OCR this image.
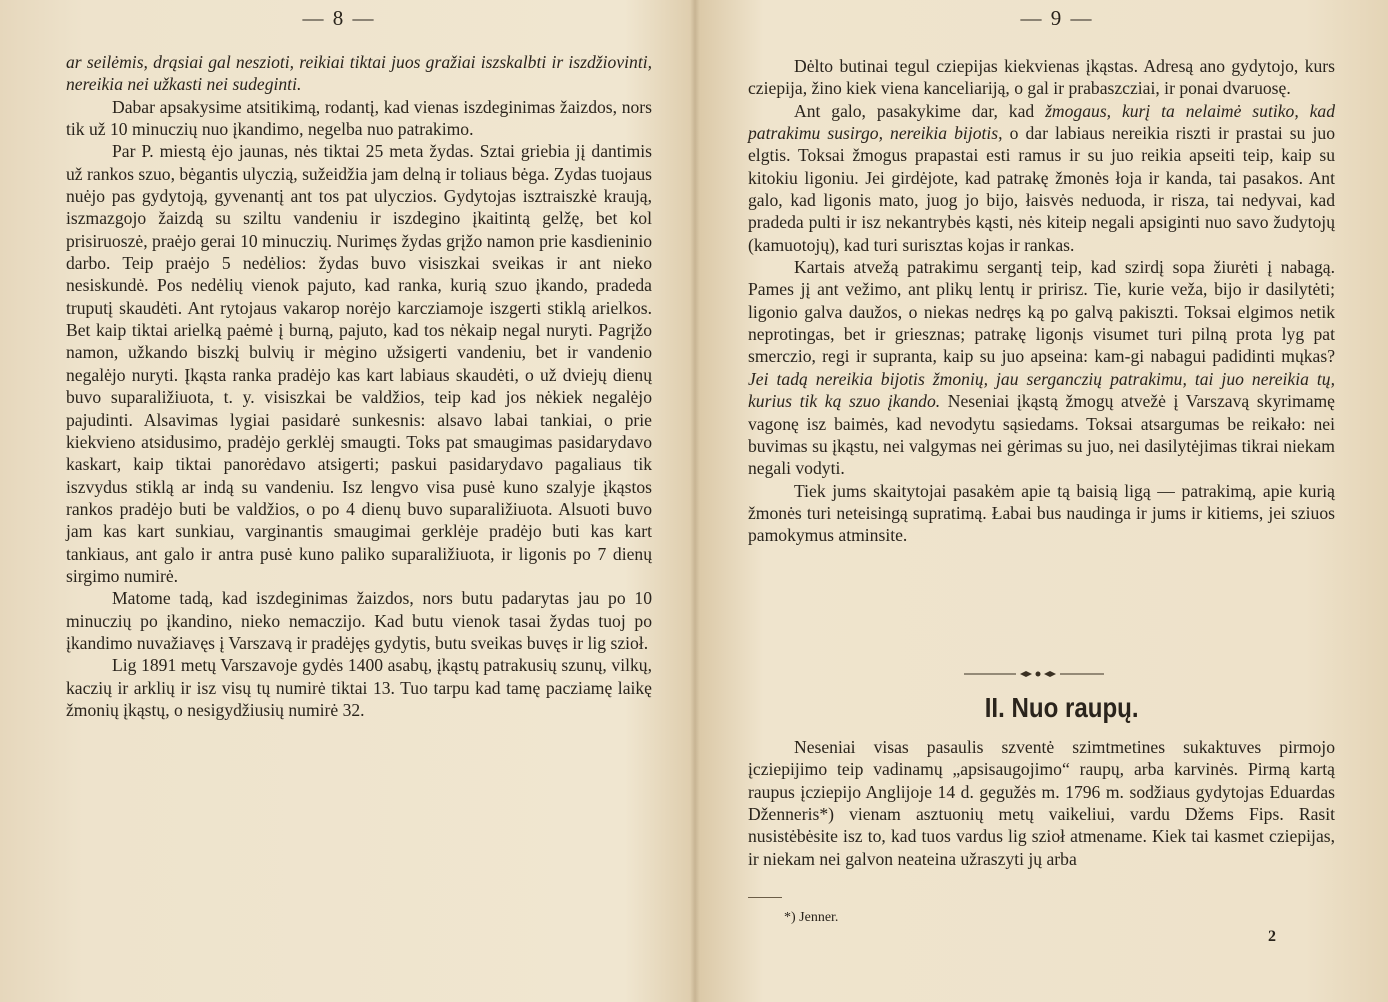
— 8 —

ar seilėmis, drąsiai gal neszioti, reikiai tiktai juos gražiai iszskalbti ir iszdžiovinti, nereikia nei užkasti nei sudeginti.

Dabar apsakysime atsitikimą, rodantį, kad vienas iszdeginimas žaizdos, nors tik už 10 minuczių nuo įkandimo, negelba nuo patrakimo.

Par P. miestą ėjo jaunas, nės tiktai 25 meta žydas. Sztai griebia jį dantimis už rankos szuo, bėgantis ulyczią, sužeidžia jam delną ir toliaus bėga. Zydas tuojaus nuėjo pas gydytoją, gyvenantį ant tos pat ulyczios. Gydytojas isztraiszkė kraują, iszmazgojo žaizdą su sziltu vandeniu ir iszdegino įkaitintą gelžę, bet kol prisiruoszė, praėjo gerai 10 minuczių. Nurimęs žydas grįžo namon prie kasdieninio darbo. Teip praėjo 5 nedėlios: žydas buvo visiszkai sveikas ir ant nieko nesiskundė. Pos nedėlių vienok pajuto, kad ranka, kurią szuo įkando, pradeda truputį skaudėti. Ant rytojaus vakarop norėjo karcziamoje iszgerti stiklą arielkos. Bet kaip tiktai arielką paėmė į burną, pajuto, kad tos nėkaip negal nuryti. Pagrįžo namon, užkando biszkį bulvių ir mėgino užsigerti vandeniu, bet ir vandenio negalėjo nuryti. Įkąsta ranka pradėjo kas kart labiaus skaudėti, o už dviejų dienų buvo suparaližiuota, t. y. visiszkai be valdžios, teip kad jos nėkiek negalėjo pajudinti. Alsavimas lygiai pasidarė sunkesnis: alsavo labai tankiai, o prie kiekvieno atsidusimo, pradėjo gerklėj smaugti. Toks pat smaugimas pasidarydavo kaskart, kaip tiktai panorėdavo atsigerti; paskui pasidarydavo pagaliaus tik iszvydus stiklą ar indą su vandeniu. Isz lengvo visa pusė kuno szalyje įkąstos rankos pradėjo buti be valdžios, o po 4 dienų buvo suparaližiuota. Alsuoti buvo jam kas kart sunkiau, varginantis smaugimai gerklėje pradėjo buti kas kart tankiaus, ant galo ir antra pusė kuno paliko suparaližiuota, ir ligonis po 7 dienų sirgimo numirė.

Matome tadą, kad iszdeginimas žaizdos, nors butu padarytas jau po 10 minuczių po įkandino, nieko nemaczijo. Kad butu vienok tasai žydas tuoj po įkandimo nuvažiavęs į Varszavą ir pradėjęs gydytis, butu sveikas buvęs ir lig szioł.

Lig 1891 metų Varszavoje gydės 1400 asabų, įkąstų patrakusių szunų, vilkų, kaczių ir arklių ir isz visų tų numirė tiktai 13. Tuo tarpu kad tamę pacziamę laikę žmonių įkąstų, o nesigydžiusių numirė 32.

— 9 —

Dėlto butinai tegul cziepijas kiekvienas įkąstas. Adresą ano gydytojo, kurs cziepija, žino kiek viena kanceliariją, o gal ir prabaszcziai, ir ponai dvaruosę.

Ant galo, pasakykime dar, kad žmogaus, kurį ta nelaimė sutiko, kad patrakimu susirgo, nereikia bijotis, o dar labiaus nereikia riszti ir prastai su juo elgtis. Toksai žmogus prapastai esti ramus ir su juo reikia apseiti teip, kaip su kitokiu ligoniu. Jei girdėjote, kad patrakę žmonės łoja ir kanda, tai pasakos. Ant galo, kad ligonis mato, juog jo bijo, łaisvės neduoda, ir risza, tai nedyvai, kad pradeda pulti ir isz nekantrybės kąsti, nės kiteip negali apsiginti nuo savo žudytojų (kamuotojų), kad turi surisztas kojas ir rankas.

Kartais atvežą patrakimu sergantį teip, kad szirdį sopa žiurėti į nabagą. Pames jį ant vežimo, ant plikų lentų ir pririsz. Tie, kurie veža, bijo ir dasilytėti; ligonio galva daužos, o niekas nedręs ką po galvą pakiszti. Toksai elgimos netik neprotingas, bet ir griesznas; patrakę ligonįs visumet turi pilną prota lyg pat smerczio, regi ir supranta, kaip su juo apseina: kam-gi nabagui padidinti mųkas? Jei tadą nereikia bijotis žmonių, jau serganczių patrakimu, tai juo nereikia tų, kurius tik ką szuo įkando. Neseniai įkąstą žmogų atvežė į Varszavą skyrimamę vagonę isz baimės, kad nevodytu sąsiedams. Toksai atsargumas be reikało: nei buvimas su įkąstu, nei valgymas nei gėrimas su juo, nei dasilytėjimas tikrai niekam negali vodyti.

Tiek jums skaitytojai pasakėm apie tą baisią ligą — patrakimą, apie kurią žmonės turi neteisingą supratimą. Łabai bus naudinga ir jums ir kitiems, jei sziuos pamokymus atminsite.

II. Nuo raupų.

Neseniai visas pasaulis szventė szimtmetines sukaktuves pirmojo įcziepijimo teip vadinamų „apsisaugojimo“ raupų, arba karvinės. Pirmą kartą raupus įcziepijo Anglijoje 14 d. gegužės m. 1796 m. sodžiaus gydytojas Eduardas Dženneris*) vienam asztuonių metų vaikeliui, vardu Džems Fips. Rasit nusistėbėsite isz to, kad tuos vardus lig szioł atmename. Kiek tai kasmet cziepijas, ir niekam nei galvon neateina užraszyti jų arba

*) Jenner.
2
